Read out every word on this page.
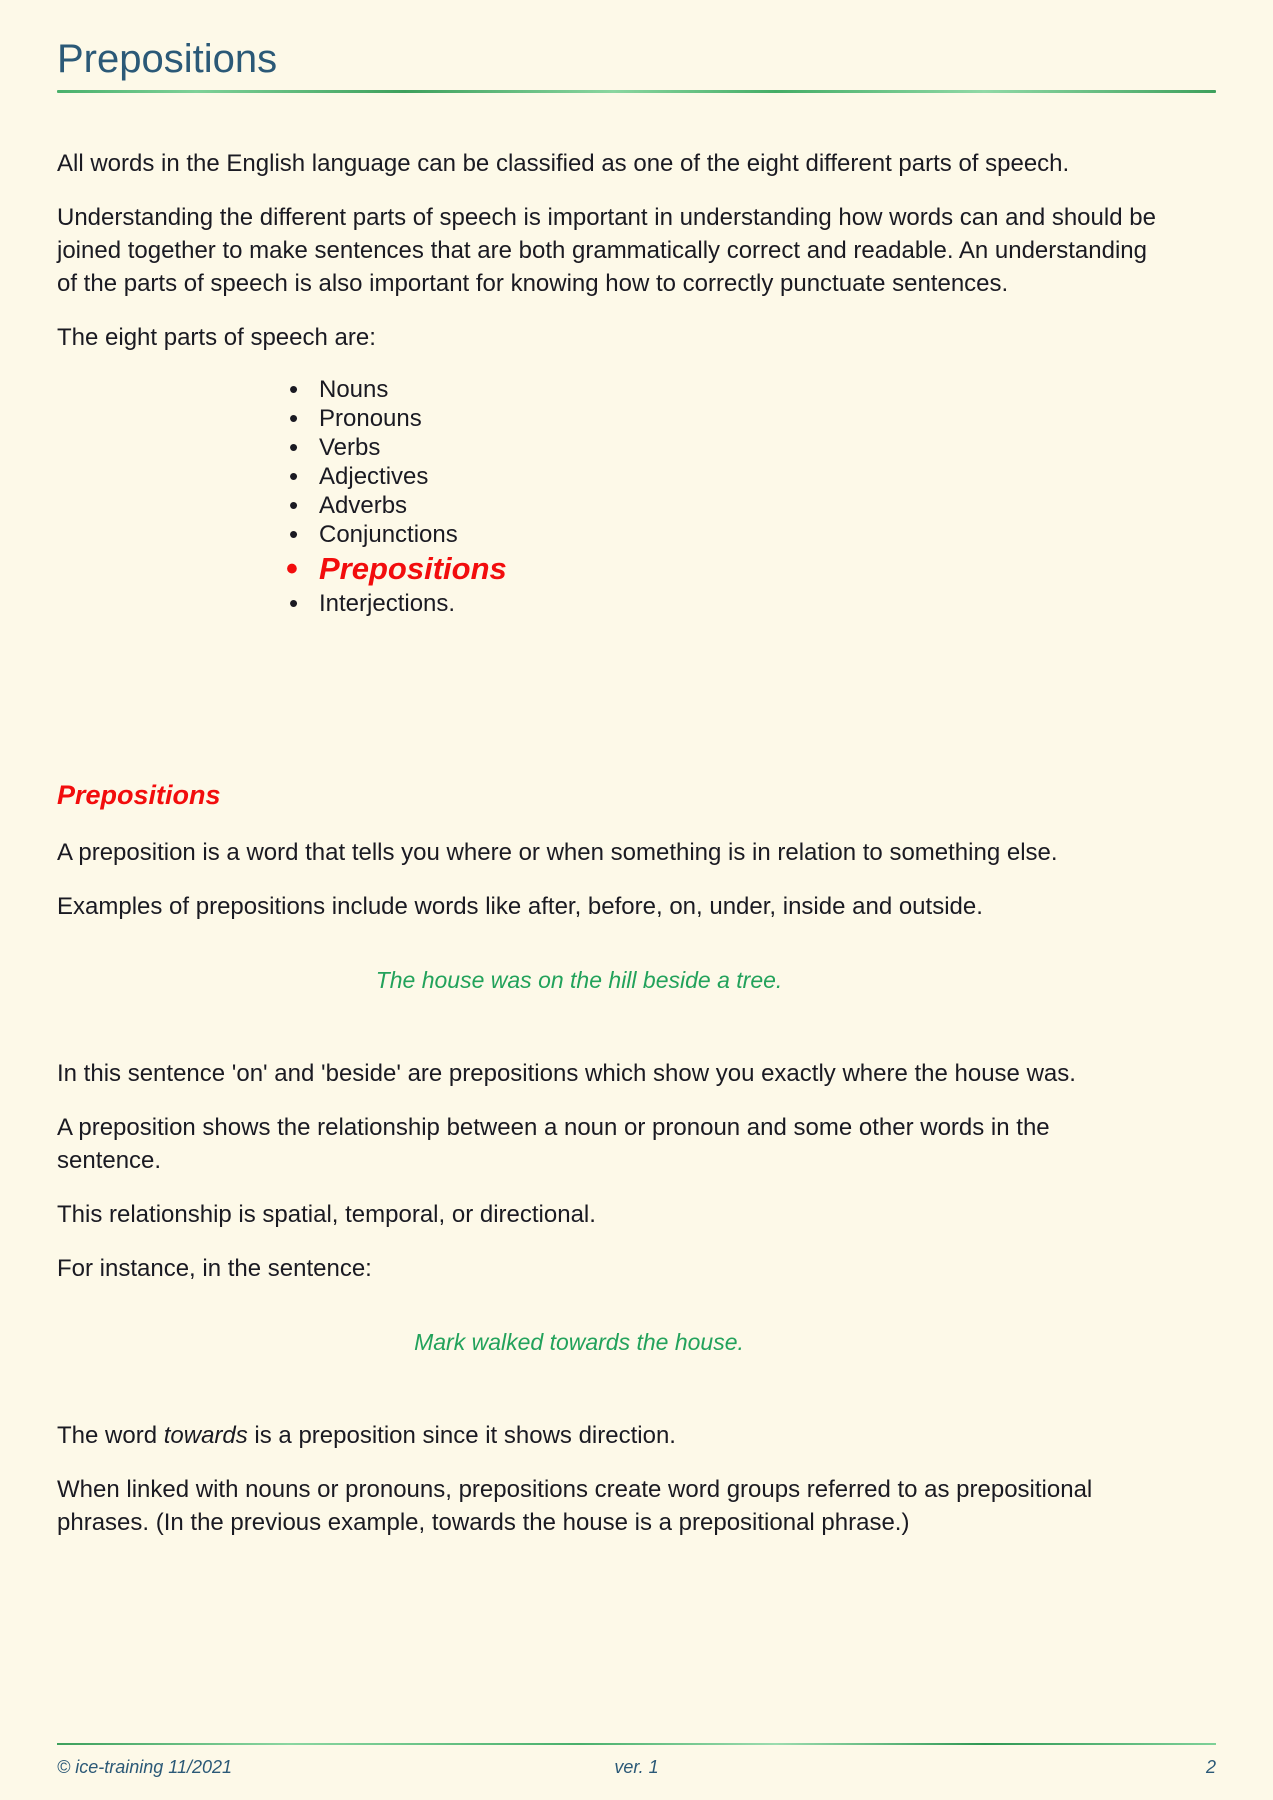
Prepositions

All words in the English language can be classified as one of the eight different parts of speech.

Understanding the different parts of speech is important in understanding how words can and should be joined together to make sentences that are both grammatically correct and readable. An understanding of the parts of speech is also important for knowing how to correctly punctuate sentences.

The eight parts of speech are:

• Nouns
• Pronouns
• Verbs
• Adjectives
• Adverbs
• Conjunctions
• Prepositions
• Interjections.
Prepositions

A preposition is a word that tells you where or when something is in relation to something else.

Examples of prepositions include words like after, before, on, under, inside and outside.

The house was on the hill beside a tree.

In this sentence 'on' and 'beside' are prepositions which show you exactly where the house was.

A preposition shows the relationship between a noun or pronoun and some other words in the sentence.

This relationship is spatial, temporal, or directional.

For instance, in the sentence:

Mark walked towards the house.

The word towards is a preposition since it shows direction.

When linked with nouns or pronouns, prepositions create word groups referred to as prepositional phrases. (In the previous example, towards the house is a prepositional phrase.)

© ice-training 11/2021	ver. 1	2
